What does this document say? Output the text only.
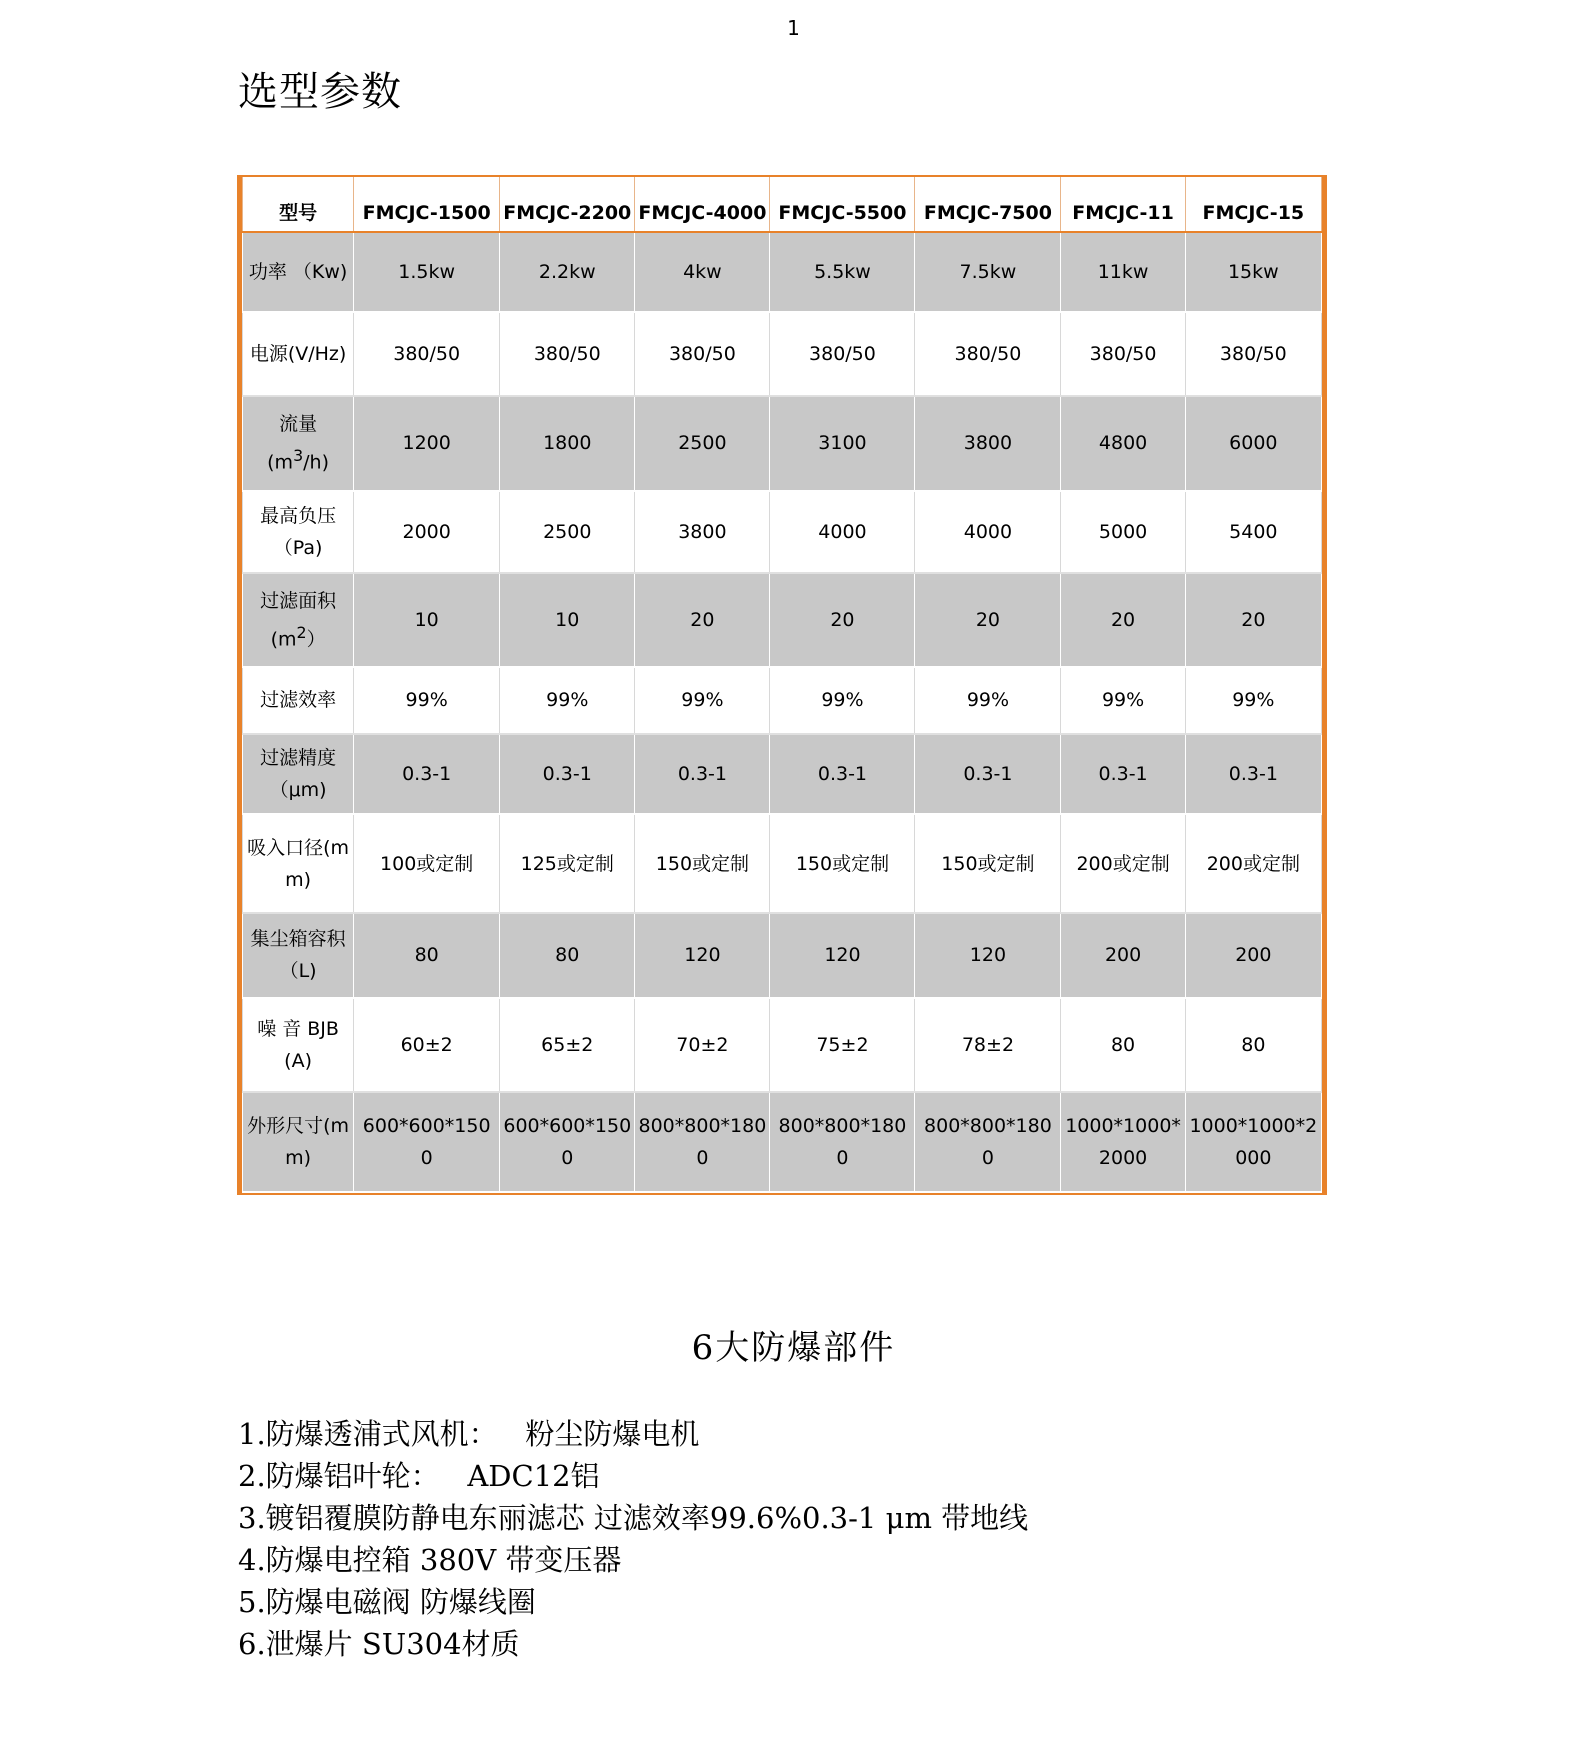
1
选型参数
型号	FMCJC-1500	FMCJC-2200	FMCJC-4000	FMCJC-5500	FMCJC-7500	FMCJC-11	FMCJC-15
功率 （Kw)	1.5kw	2.2kw	4kw	5.5kw	7.5kw	11kw	15kw
电源(V/Hz)	380/50	380/50	380/50	380/50	380/50	380/50	380/50
流量
$(m^3/h)$	1200	1800	2500	3100	3800	4800	6000
最高负压（Pa)	2000	2500	3800	4000	4000	5000	5400
过滤面积
$(m^2)$	10	10	20	20	20	20	20
过滤效率	99%	99%	99%	99%	99%	99%	99%
过滤精度（μm)	0.3-1	0.3-1	0.3-1	0.3-1	0.3-1	0.3-1	0.3-1
吸入口径(mm)	100或定制	125或定制	150或定制	150或定制	150或定制	200或定制	200或定制
集尘箱容积 （L)	80	80	120	120	120	200	200
噪 音 BJB (A)	60±2	65±2	70±2	75±2	78±2	80	80
外形尺寸(mm)	600*600*1500	600*600*1500	800*800*1800	800*800*1800	800*800*1800	1000*1000*2000	1000*1000*2000
6大防爆部件
1.防爆透浦式风机：   粉尘防爆电机
2.防爆铝叶轮：   ADC12铝
3.镀铝覆膜防静电东丽滤芯 过滤效率99.6%0.3-1 μm 带地线
4.防爆电控箱 380V 带变压器
5.防爆电磁阀 防爆线圈
6.泄爆片 SU304材质
